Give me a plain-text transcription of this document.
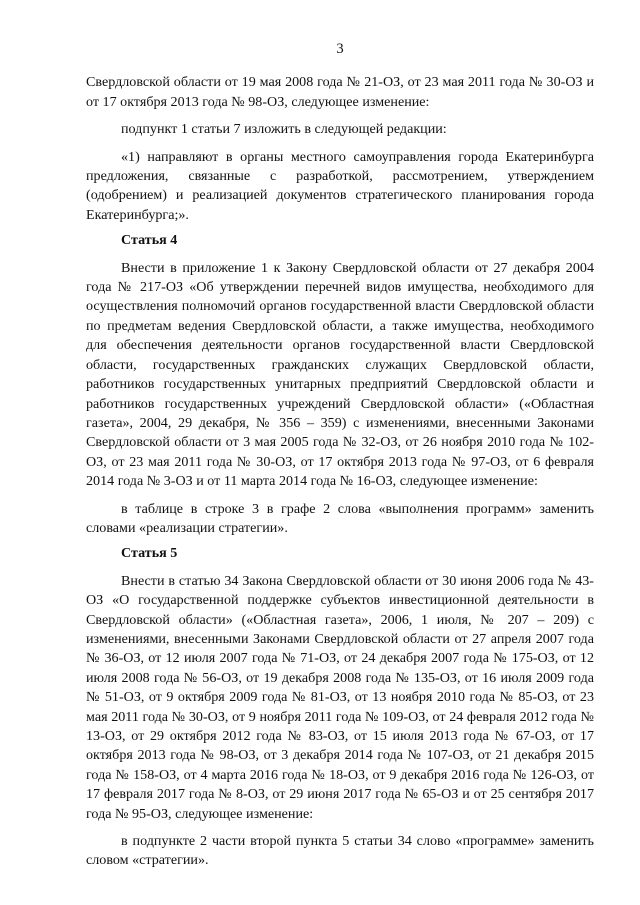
3

Свердловской области от 19 мая 2008 года № 21-ОЗ, от 23 мая 2011 года № 30-ОЗ и от 17 октября 2013 года № 98-ОЗ, следующее изменение:

подпункт 1 статьи 7 изложить в следующей редакции:

«1) направляют в органы местного самоуправления города Екатеринбурга предложения, связанные с разработкой, рассмотрением, утверждением (одобрением) и реализацией документов стратегического планирования города Екатеринбурга;».

Статья 4

Внести в приложение 1 к Закону Свердловской области от 27 декабря 2004 года № 217-ОЗ «Об утверждении перечней видов имущества, необходимого для осуществления полномочий органов государственной власти Свердловской области по предметам ведения Свердловской области, а также имущества, необходимого для обеспечения деятельности органов государственной власти Свердловской области, государственных гражданских служащих Свердловской области, работников государственных унитарных предприятий Свердловской области и работников государственных учреждений Свердловской области» («Областная газета», 2004, 29 декабря, № 356 – 359) с изменениями, внесенными Законами Свердловской области от 3 мая 2005 года № 32-ОЗ, от 26 ноября 2010 года № 102-ОЗ, от 23 мая 2011 года № 30-ОЗ, от 17 октября 2013 года № 97-ОЗ, от 6 февраля 2014 года № 3-ОЗ и от 11 марта 2014 года № 16-ОЗ, следующее изменение:

в таблице в строке 3 в графе 2 слова «выполнения программ» заменить словами «реализации стратегии».

Статья 5

Внести в статью 34 Закона Свердловской области от 30 июня 2006 года № 43-ОЗ «О государственной поддержке субъектов инвестиционной деятельности в Свердловской области» («Областная газета», 2006, 1 июля, № 207 – 209) с изменениями, внесенными Законами Свердловской области от 27 апреля 2007 года № 36-ОЗ, от 12 июля 2007 года № 71-ОЗ, от 24 декабря 2007 года № 175-ОЗ, от 12 июля 2008 года № 56-ОЗ, от 19 декабря 2008 года № 135-ОЗ, от 16 июля 2009 года № 51-ОЗ, от 9 октября 2009 года № 81-ОЗ, от 13 ноября 2010 года № 85-ОЗ, от 23 мая 2011 года № 30-ОЗ, от 9 ноября 2011 года № 109-ОЗ, от 24 февраля 2012 года № 13-ОЗ, от 29 октября 2012 года № 83-ОЗ, от 15 июля 2013 года № 67-ОЗ, от 17 октября 2013 года № 98-ОЗ, от 3 декабря 2014 года № 107-ОЗ, от 21 декабря 2015 года № 158-ОЗ, от 4 марта 2016 года № 18-ОЗ, от 9 декабря 2016 года № 126-ОЗ, от 17 февраля 2017 года № 8-ОЗ, от 29 июня 2017 года № 65-ОЗ и от 25 сентября 2017 года № 95-ОЗ, следующее изменение:

в подпункте 2 части второй пункта 5 статьи 34 слово «программе» заменить словом «стратегии».
